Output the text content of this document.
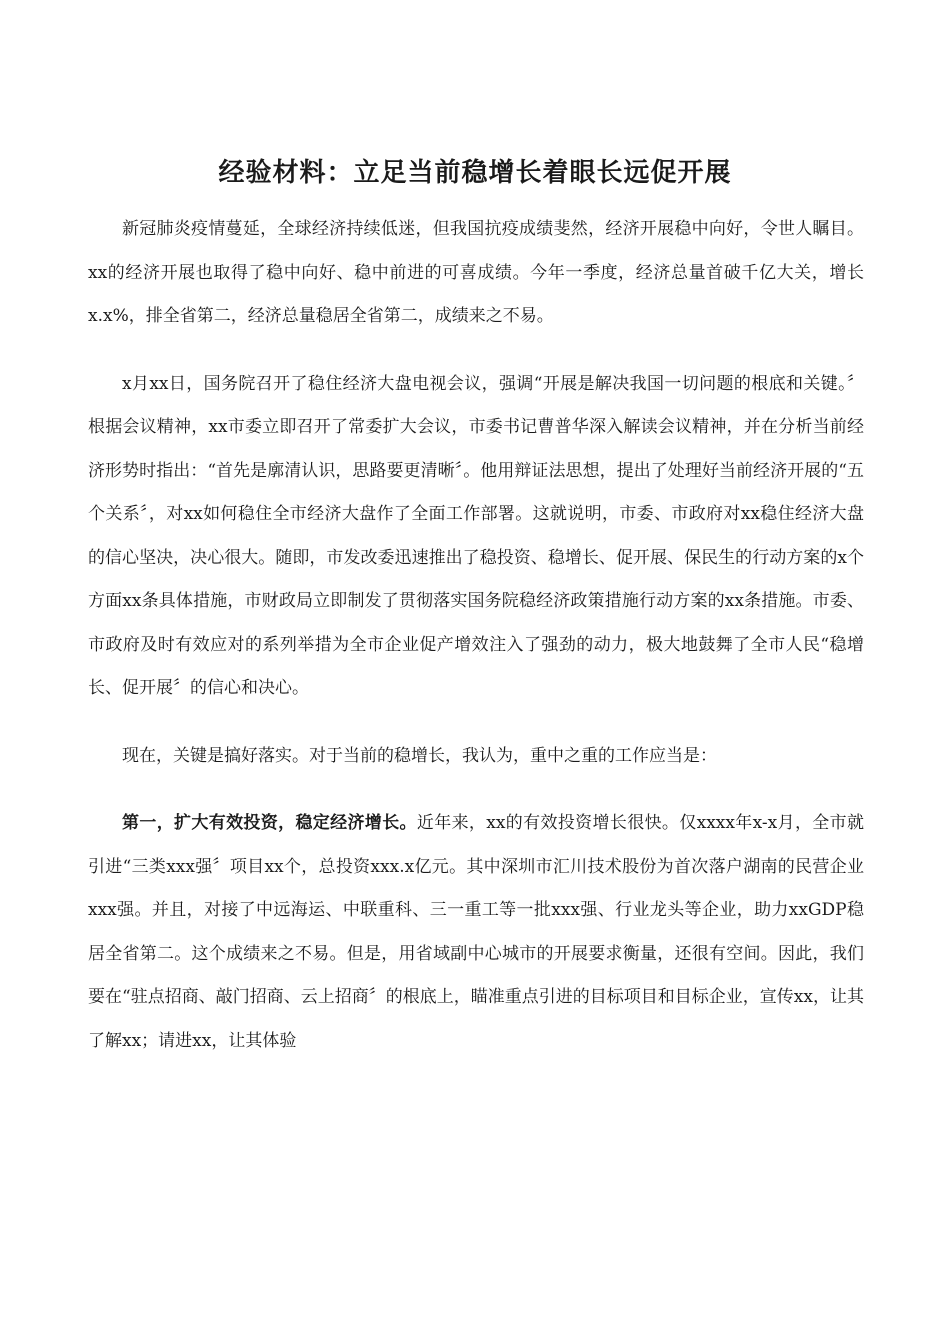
经验材料：立足当前稳增长着眼长远促开展

新冠肺炎疫情蔓延，全球经济持续低迷，但我国抗疫成绩斐然，经济开展稳中向好，令世人瞩目。xx的经济开展也取得了稳中向好、稳中前进的可喜成绩。今年一季度，经济总量首破千亿大关，增长x.x%，排全省第二，经济总量稳居全省第二，成绩来之不易。

x月xx日，国务院召开了稳住经济大盘电视会议，强调“开展是解决我国一切问题的根底和关键。〞根据会议精神，xx市委立即召开了常委扩大会议，市委书记曹普华深入解读会议精神，并在分析当前经济形势时指出：“首先是廓清认识，思路要更清晰〞。他用辩证法思想，提出了处理好当前经济开展的“五个关系〞，对xx如何稳住全市经济大盘作了全面工作部署。这就说明，市委、市政府对xx稳住经济大盘的信心坚决，决心很大。随即，市发改委迅速推出了稳投资、稳增长、促开展、保民生的行动方案的x个方面xx条具体措施，市财政局立即制发了贯彻落实国务院稳经济政策措施行动方案的xx条措施。市委、市政府及时有效应对的系列举措为全市企业促产增效注入了强劲的动力，极大地鼓舞了全市人民“稳增长、促开展〞的信心和决心。

现在，关键是搞好落实。对于当前的稳增长，我认为，重中之重的工作应当是：

第一，扩大有效投资，稳定经济增长。近年来，xx的有效投资增长很快。仅xxxx年x-x月，全市就引进“三类xxx强〞项目xx个，总投资xxx.x亿元。其中深圳市汇川技术股份为首次落户湖南的民营企业xxx强。并且，对接了中远海运、中联重科、三一重工等一批xxx强、行业龙头等企业，助力xxGDP稳居全省第二。这个成绩来之不易。但是，用省域副中心城市的开展要求衡量，还很有空间。因此，我们要在“驻点招商、敲门招商、云上招商〞的根底上，瞄准重点引进的目标项目和目标企业，宣传xx，让其了解xx；请进xx，让其体验
